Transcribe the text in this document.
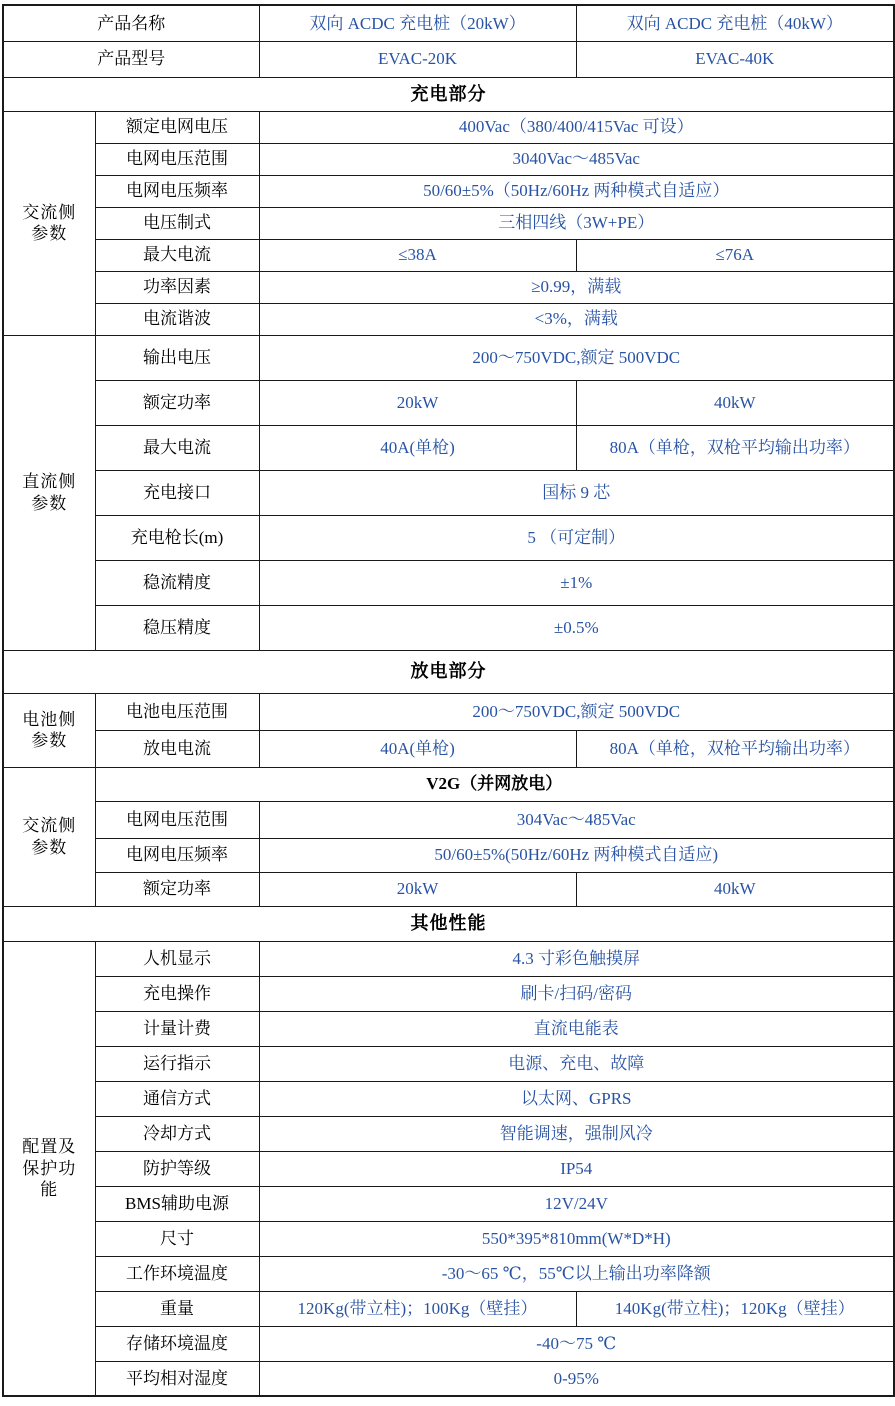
产品名称		双向 ACDC 充电桩（20kW）	双向 ACDC 充电桩（40kW）
产品型号		EVAC-20K	EVAC-40K
充电部分			
交流侧参数	额定电网电压	400Vac（380/400/415Vac 可设）	
	电网电压范围	3040Vac～485Vac	
	电网电压频率	50/60±5%（50Hz/60Hz 两种模式自适应）	
	电压制式	三相四线（3W+PE）	
	最大电流	≤38A	≤76A
	功率因素	≥0.99，满载	
	电流谐波	<3%，满载	
直流侧参数	输出电压	200～750VDC,额定 500VDC	
	额定功率	20kW	40kW
	最大电流	40A(单枪)	80A（单枪，双枪平均输出功率）
	充电接口	国标 9 芯	
	充电枪长(m)	5 （可定制）	
	稳流精度	±1%	
	稳压精度	±0.5%	
放电部分			
电池侧参数	电池电压范围	200～750VDC,额定 500VDC	
	放电电流	40A(单枪)	80A（单枪，双枪平均输出功率）
交流侧参数	V2G（并网放电）		
	电网电压范围	304Vac～485Vac	
	电网电压频率	50/60±5%(50Hz/60Hz 两种模式自适应)	
	额定功率	20kW	40kW
其他性能			
配置及保护功能	人机显示	4.3 寸彩色触摸屏	
	充电操作	刷卡/扫码/密码	
	计量计费	直流电能表	
	运行指示	电源、充电、故障	
	通信方式	以太网、GPRS	
	冷却方式	智能调速，强制风冷	
	防护等级	IP54	
	BMS辅助电源	12V/24V	
	尺寸	550*395*810mm(W*D*H)	
	工作环境温度	-30～65 ℃，55℃以上输出功率降额	
	重量	120Kg(带立柱)；100Kg（壁挂）	140Kg(带立柱)；120Kg（壁挂）
	存储环境温度	-40～75 ℃	
	平均相对湿度	0-95%	
